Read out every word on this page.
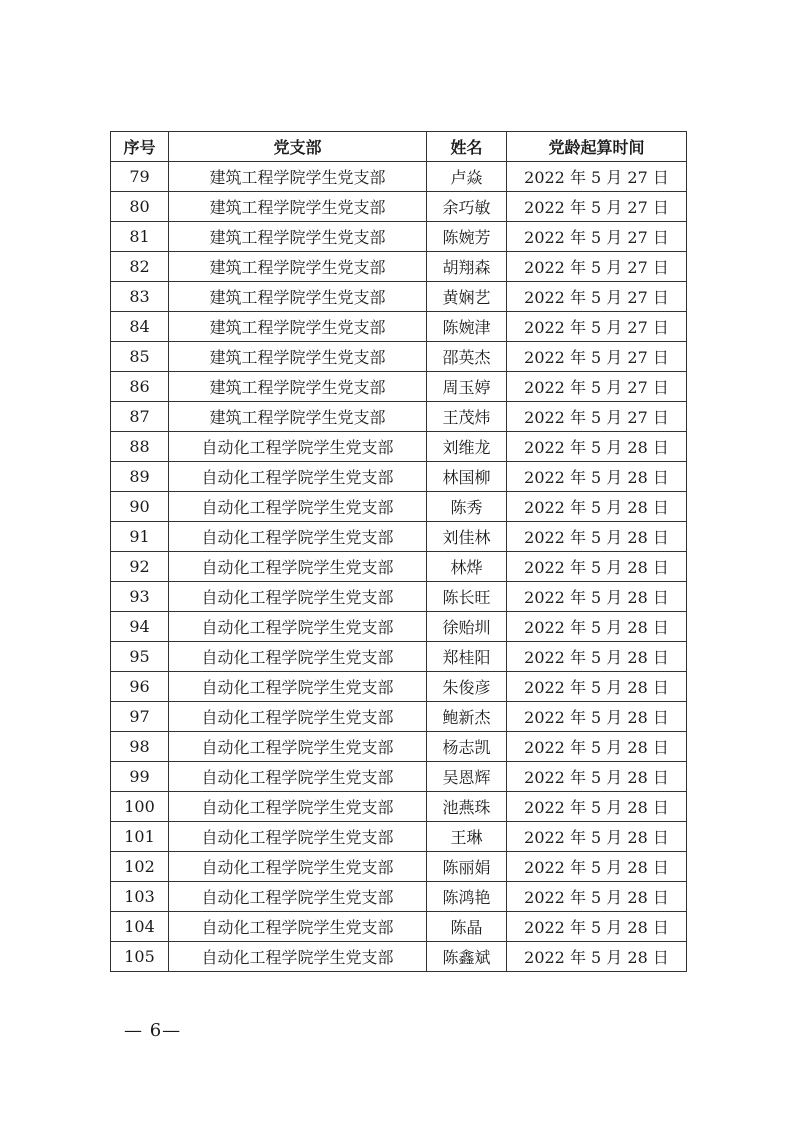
序号	党支部	姓名	党龄起算时间
79	建筑工程学院学生党支部	卢焱	2022 年 5 月 27 日
80	建筑工程学院学生党支部	余巧敏	2022 年 5 月 27 日
81	建筑工程学院学生党支部	陈婉芳	2022 年 5 月 27 日
82	建筑工程学院学生党支部	胡翔森	2022 年 5 月 27 日
83	建筑工程学院学生党支部	黄娴艺	2022 年 5 月 27 日
84	建筑工程学院学生党支部	陈婉津	2022 年 5 月 27 日
85	建筑工程学院学生党支部	邵英杰	2022 年 5 月 27 日
86	建筑工程学院学生党支部	周玉婷	2022 年 5 月 27 日
87	建筑工程学院学生党支部	王茂炜	2022 年 5 月 27 日
88	自动化工程学院学生党支部	刘维龙	2022 年 5 月 28 日
89	自动化工程学院学生党支部	林国柳	2022 年 5 月 28 日
90	自动化工程学院学生党支部	陈秀	2022 年 5 月 28 日
91	自动化工程学院学生党支部	刘佳林	2022 年 5 月 28 日
92	自动化工程学院学生党支部	林烨	2022 年 5 月 28 日
93	自动化工程学院学生党支部	陈长旺	2022 年 5 月 28 日
94	自动化工程学院学生党支部	徐贻圳	2022 年 5 月 28 日
95	自动化工程学院学生党支部	郑桂阳	2022 年 5 月 28 日
96	自动化工程学院学生党支部	朱俊彦	2022 年 5 月 28 日
97	自动化工程学院学生党支部	鲍新杰	2022 年 5 月 28 日
98	自动化工程学院学生党支部	杨志凯	2022 年 5 月 28 日
99	自动化工程学院学生党支部	吴恩辉	2022 年 5 月 28 日
100	自动化工程学院学生党支部	池燕珠	2022 年 5 月 28 日
101	自动化工程学院学生党支部	王琳	2022 年 5 月 28 日
102	自动化工程学院学生党支部	陈丽娟	2022 年 5 月 28 日
103	自动化工程学院学生党支部	陈鸿艳	2022 年 5 月 28 日
104	自动化工程学院学生党支部	陈晶	2022 年 5 月 28 日
105	自动化工程学院学生党支部	陈鑫斌	2022 年 5 月 28 日
— 6—
